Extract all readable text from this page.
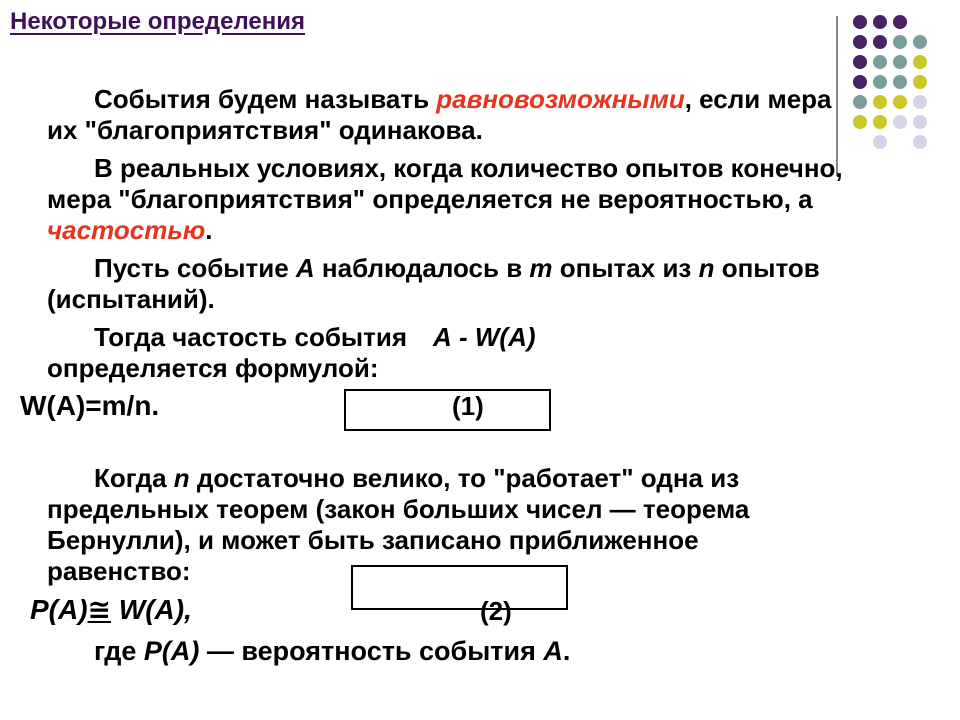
Некоторые определения

События будем называть равновозможными, если мера их "благоприятствия" одинакова.

В реальных условиях, когда количество опытов конечно, мера "благоприятствия" определяется не вероятностью, а частостью.

Пусть событие А наблюдалось в m опытах из n опытов (испытаний).

Тогда частость события А - W(A)
определяется формулой:

W(A)=m/n.	(1)

Когда n достаточно велико, то "работает" одна из предельных теорем (закон больших чисел — теорема Бернулли), и может быть записано приближенное равенство:

P(A)≅ W(A),	(2)

где P(A) — вероятность события А.
